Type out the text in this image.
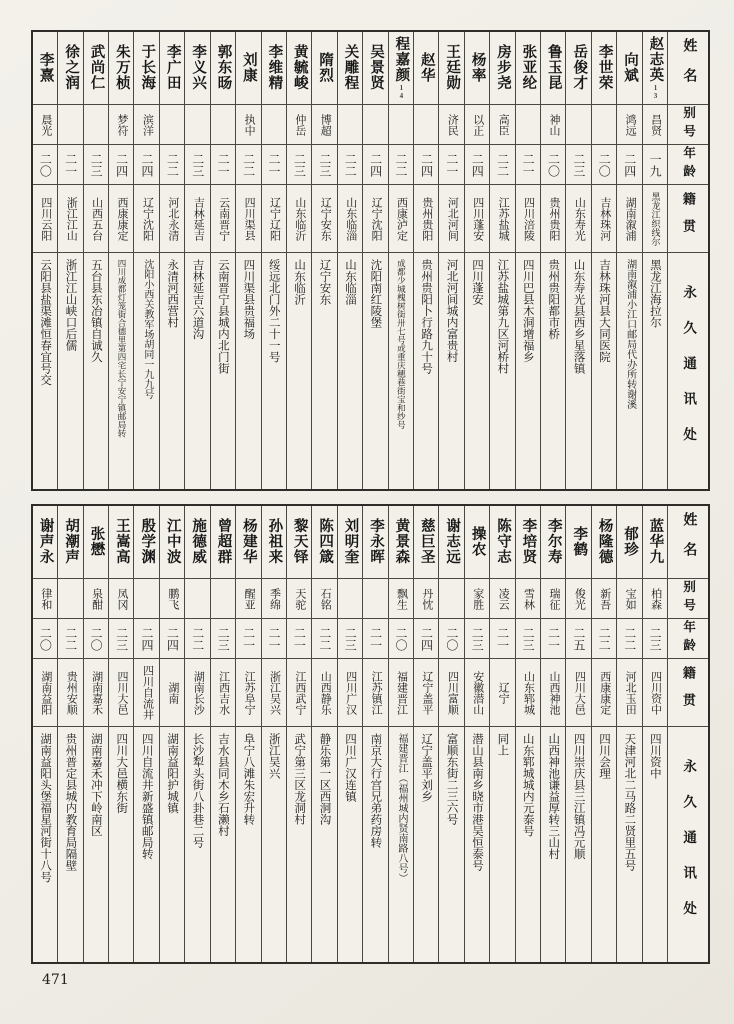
姓名
别号
年龄
籍贯
永久通讯处
赵志英
13
昌贤
一九
黑龙江织线尔
黑龙江海拉尔
向斌
鸿远
二四
湖南溆浦
湖南溆浦小江口邮局代办所转谢溪
李世荣
二〇
吉林珠河
吉林珠河县大同医院
岳俊才
二三
山东寿光
山东寿光县西乡星落镇
鲁玉昆
神山
二〇
贵州贵阳
贵州贵阳都市桥
张亚纶
二一
四川涪陵
四川巴县木洞增福乡
房步尧
高臣
二二
江苏盐城
江苏盐城第九区河桥村
杨率
以正
二四
四川蓬安
四川蓬安
王廷勋
济民
二一
河北河间
河北河间城内富贵村
赵华
二四
贵州贵阳
贵州贵阳卜行路九十号
程嘉颜
14
二二
西康泸定
成都少城槐树街卅七号或重庆穗巷街宝和纱号
吴景贤
二四
辽宁沈阳
沈阳南红陵堡
关雕程
二二
山东临淄
山东临淄
隋烈
博超
二三
辽宁安东
辽宁安东
黄毓峻
仲岳
二三
山东临沂
山东临沂
李维精
二一
辽宁辽阳
绥远北门外二十一号
刘康
执中
二二
四川渠县
四川渠县贵福场
郭东旸
二一
云南晋宁
云南晋宁县城内北门街
李义兴
二三
吉林延吉
吉林延吉六道沟
李广田
二二
河北永清
永清河西营村
于长海
滨洋
二四
辽宁沈阳
沈阳小西关教军场胡同一九九号
朱万桢
梦符
二四
西康康定
四川成都灯笼街合德里第四宅长宁安宁镇邮局转
武尚仁
二三
山西五台
五台县东冶镇自诚久
徐之润
二一
浙江江山
浙江江山峡口后儒
李熹
晨光
二〇
四川云阳
云阳县盐渠滩恒春宜号交
姓名
别号
年龄
籍贯
永久通讯处
蓝华九
柏森
二三
四川资中
四川资中
郁珍
宝如
二二
河北玉田
天津河北二马路二贤里五号
杨隆德
新吾
二二
西康康定
四川会理
李鹤
俊光
二五
四川大邑
四川崇庆县三江镇冯元顺
李尔寿
瑞征
二一
山西神池
山西神池谦益厚转三山村
李培贤
雪林
二三
山东郓城
山东郓城城内元泰号
陈守志
凌云
二一
辽宁
同上
操农
家胜
二三
安徽潜山
潜山县南乡晓市港吴恒泰号
谢志远
二〇
四川富顺
富顺东街二三六号
慈巨圣
丹忱
二四
辽宁盖平
辽宁盖平刘乡
黄景森
飘生
二〇
福建晋江
福建晋江（福州城内贤南路八号）
李永晖
二一
江苏镇江
南京大行宫兄弟药房转
刘明奎
二三
四川广汉
四川广汉连镇
陈四箴
石铭
二二
山西静乐
静乐第一区西洞沟
黎天铎
天驼
二一
江西武宁
武宁第三区龙洞村
孙祖来
季绵
二一
浙江吴兴
浙江吴兴
杨建华
醒亚
二一
江苏阜宁
阜宁八滩朱宏升转
曾超群
二三
江西吉水
吉水县同木乡石濑村
施德威
二二
湖南长沙
长沙犁头街八卦巷二号
江中波
鹏飞
二四
湖南
湖南益阳护城镇
殷学渊
二四
四川自流井
四川自流井新盛镇邮局转
王嵩高
凤冈
二三
四川大邑
四川大邑横东街
张懋
泉酣
二〇
湖南嘉禾
湖南嘉禾冲下岭南区
胡潮声
二二
贵州安顺
贵州普定县城内教育局隔壁
谢声永
律和
二〇
湖南益阳
湖南益阳头堡福星河街十八号
471
